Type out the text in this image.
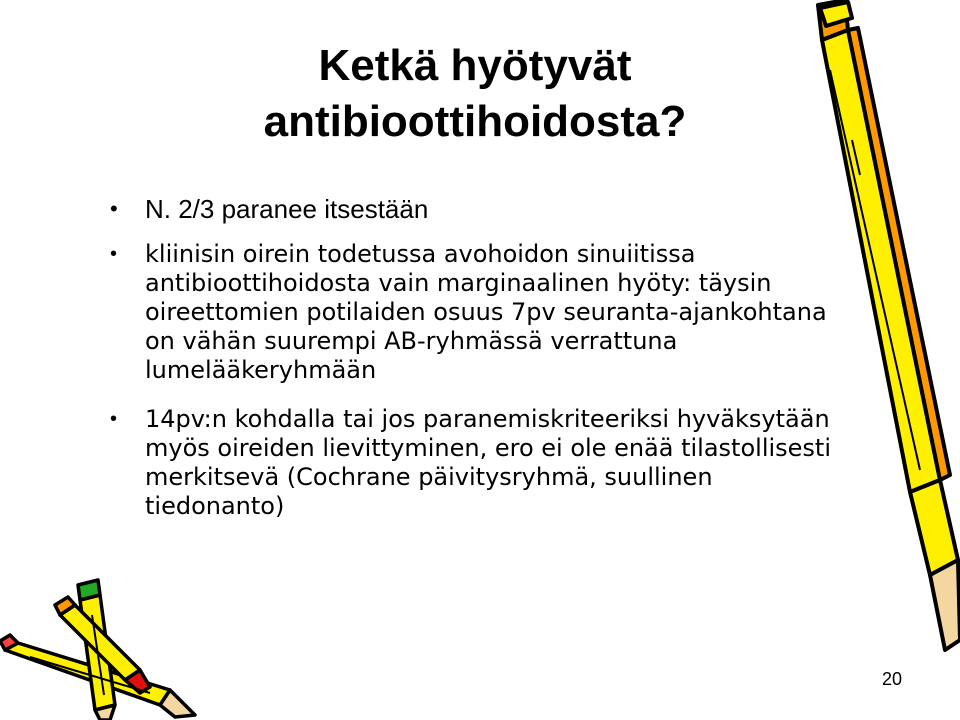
Ketkä hyötyvät
antibioottihoidosta?
• N. 2/3 paranee itsestään
• kliinisin oirein todetussa avohoidon sinuiitissa antibioottihoidosta vain marginaalinen hyöty: täysin oireettomien potilaiden osuus 7pv seuranta-ajankohtana on vähän suurempi AB-ryhmässä verrattuna lumelääkeryhmään
• 14pv:n kohdalla tai jos paranemiskriteeriksi hyväksytään myös oireiden lievittyminen, ero ei ole enää tilastollisesti merkitsevä (Cochrane päivitysryhmä, suullinen tiedonanto)
20
